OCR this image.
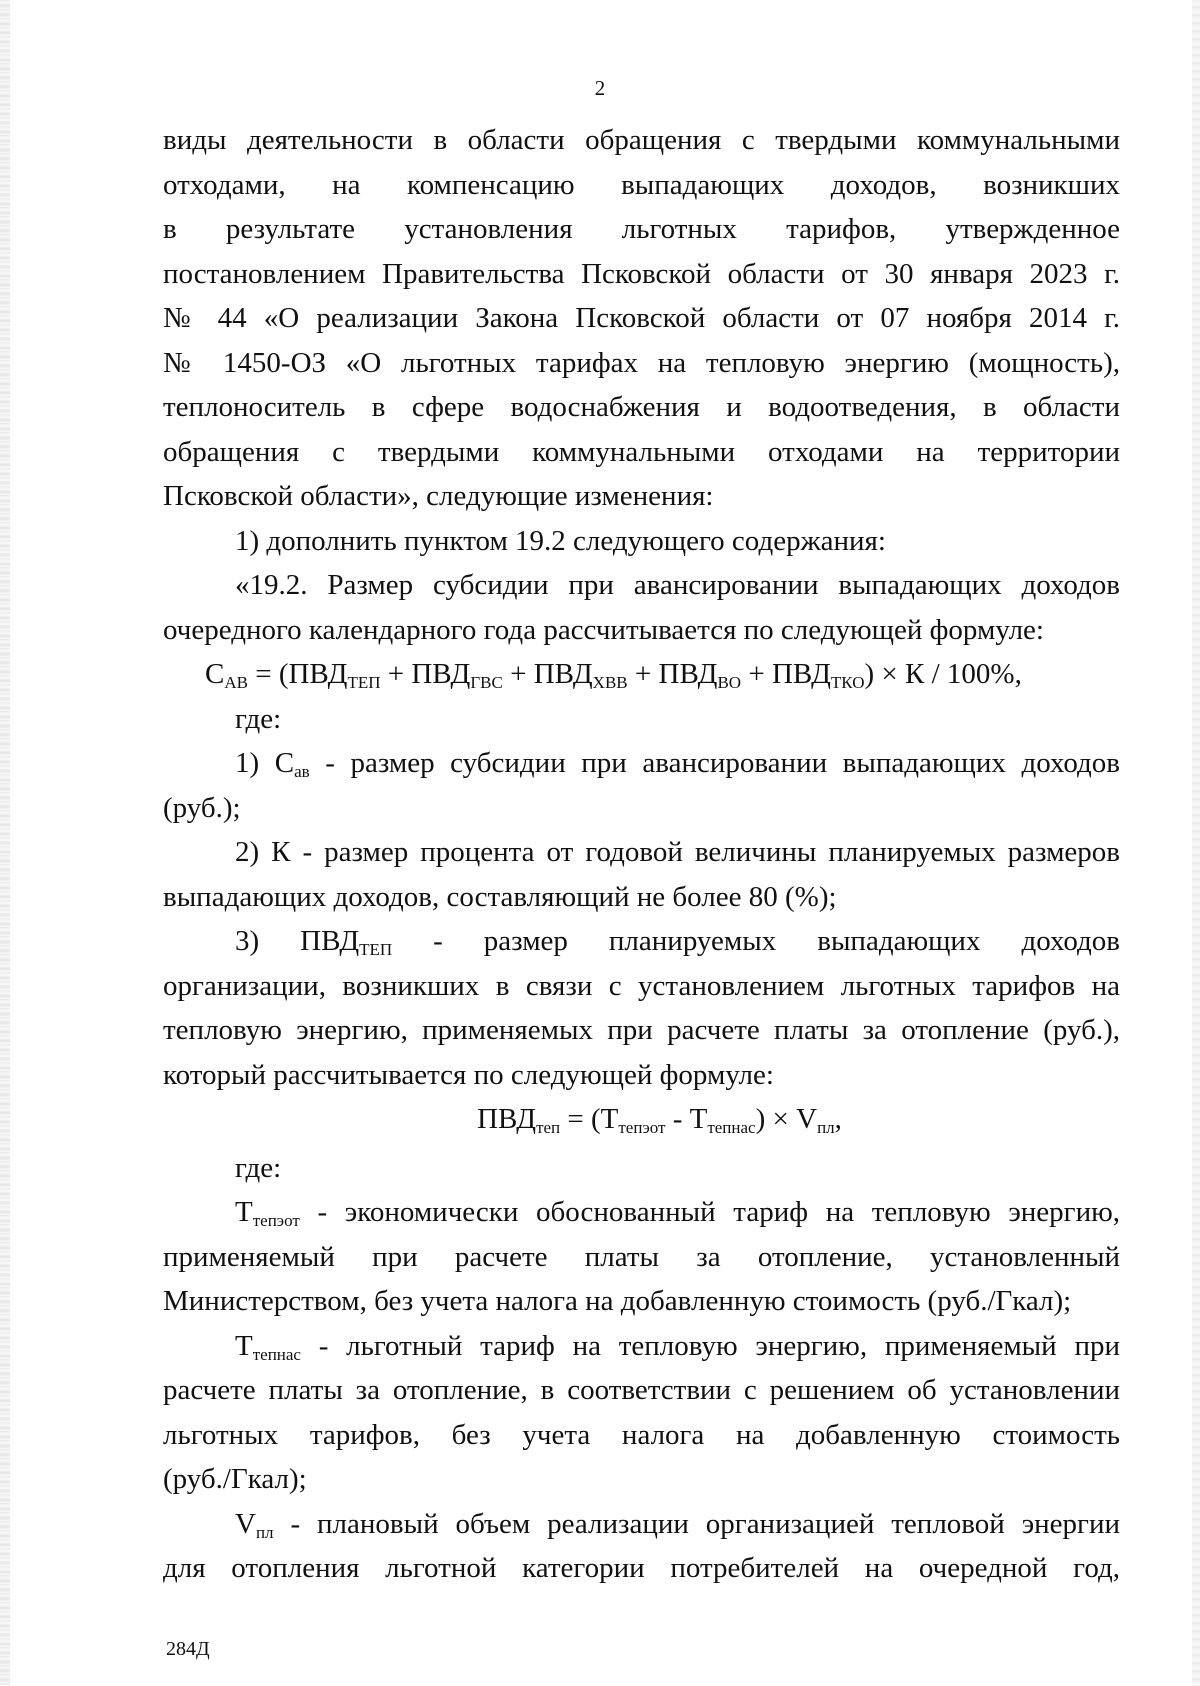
2

виды деятельности в области обращения с твердыми коммунальными
отходами, на компенсацию выпадающих доходов, возникших
в результате установления льготных тарифов, утвержденное
постановлением Правительства Псковской области от 30 января 2023 г.
№ 44 «О реализации Закона Псковской области от 07 ноября 2014 г.
№ 1450-ОЗ «О льготных тарифах на тепловую энергию (мощность),
теплоноситель в сфере водоснабжения и водоотведения, в области
обращения с твердыми коммунальными отходами на территории
Псковской области», следующие изменения:

1) дополнить пунктом 19.2 следующего содержания:

«19.2. Размер субсидии при авансировании выпадающих доходов
очередного календарного года рассчитывается по следующей формуле:

$С_{АВ} = (ПВД_{ТЕП} + ПВД_{ГВС} + ПВД_{ХВВ} + ПВД_{ВО} + ПВД_{ТКО}) \times К / 100\%$,

где:

1) $С_{ав}$ - размер субсидии при авансировании выпадающих доходов
(руб.);

2) К - размер процента от годовой величины планируемых размеров
выпадающих доходов, составляющий не более 80 (%);

3) $ПВД_{ТЕП}$ - размер планируемых выпадающих доходов
организации, возникших в связи с установлением льготных тарифов на
тепловую энергию, применяемых при расчете платы за отопление (руб.),
который рассчитывается по следующей формуле:

$ПВД_{теп} = (Т_{тепэот} - Т_{тепнас}) \times V_{пл}$,

где:

$Т_{тепэот}$ - экономически обоснованный тариф на тепловую энергию,
применяемый при расчете платы за отопление, установленный
Министерством, без учета налога на добавленную стоимость (руб./Гкал);

$Т_{тепнас}$ - льготный тариф на тепловую энергию, применяемый при
расчете платы за отопление, в соответствии с решением об установлении
льготных тарифов, без учета налога на добавленную стоимость
(руб./Гкал);

$V_{пл}$ - плановый объем реализации организацией тепловой энергии
для отопления льготной категории потребителей на очередной год,

284Д
